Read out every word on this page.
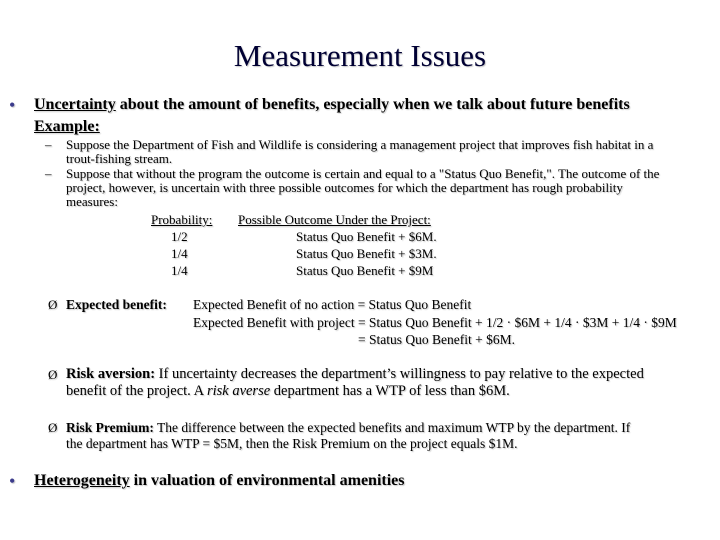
Measurement Issues
• Uncertainty about the amount of benefits, especially when we talk about future benefits
Example:
– Suppose the Department of Fish and Wildlife is considering a management project that improves fish habitat in a
trout-fishing stream.
– Suppose that without the program the outcome is certain and equal to a "Status Quo Benefit,". The outcome of the
project, however, is uncertain with three possible outcomes for which the department has rough probability
measures:
Probability: Possible Outcome Under the Project:
1/2	Status Quo Benefit + $6M.
1/4	Status Quo Benefit + $3M.
1/4	Status Quo Benefit + $9M
Ø Expected benefit: Expected Benefit of no action = Status Quo Benefit
Expected Benefit with project = Status Quo Benefit + 1/2 · $6M + 1/4 · $3M + 1/4 · $9M
= Status Quo Benefit + $6M.
Ø Risk aversion: If uncertainty decreases the department’s willingness to pay relative to the expected
benefit of the project. A risk averse department has a WTP of less than $6M.
Ø Risk Premium: The difference between the expected benefits and maximum WTP by the department. If
the department has WTP = $5M, then the Risk Premium on the project equals $1M.
• Heterogeneity in valuation of environmental amenities
